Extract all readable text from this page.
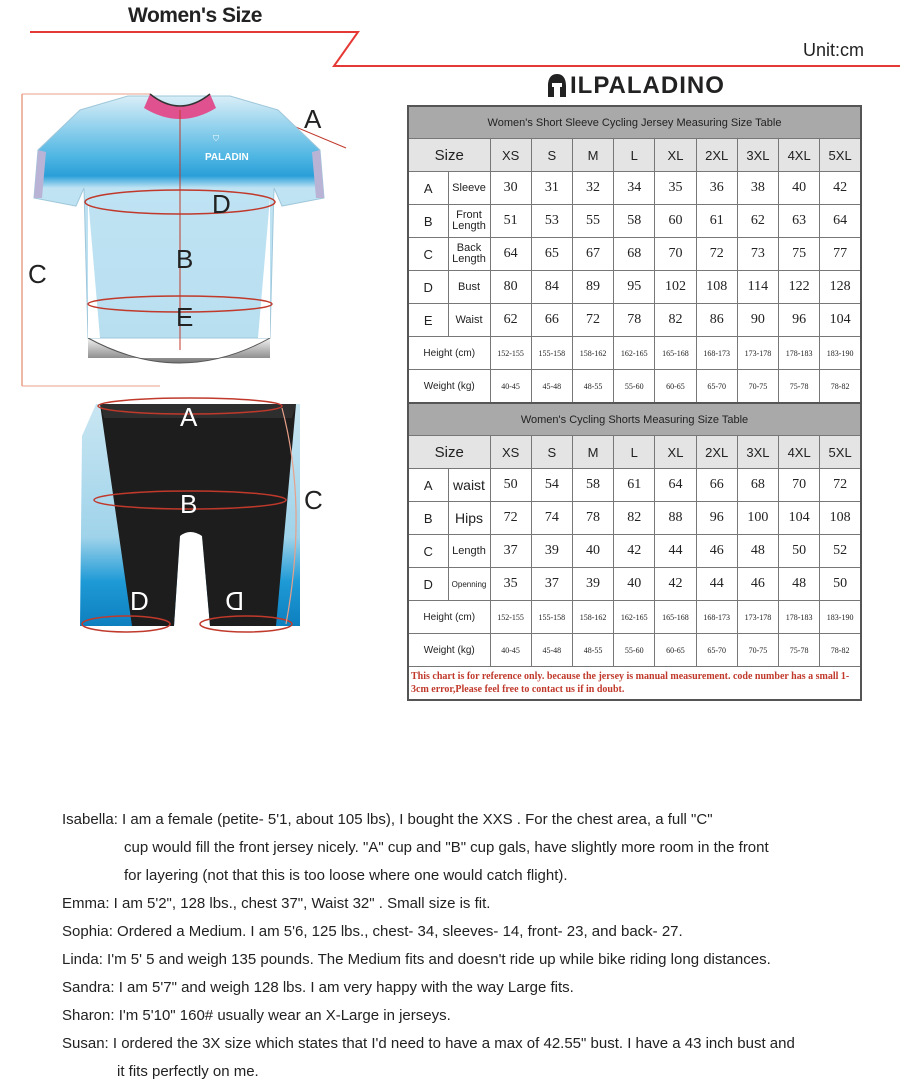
Women's Size
Unit:cm
ILPALADINO
⛉
PALADIN
A
D
B
C
E
A
B	C
D	D
Women's Short Sleeve Cycling Jersey Measuring Size Table										
Size		XS	S	M	L	XL	2XL	3XL	4XL	5XL
A	Sleeve	30	31	32	34	35	36	38	40	42
B	Front Length	51	53	55	58	60	61	62	63	64
C	Back Length	64	65	67	68	70	72	73	75	77
D	Bust	80	84	89	95	102	108	114	122	128
E	Waist	62	66	72	78	82	86	90	96	104
Height (cm)		152-155	155-158	158-162	162-165	165-168	168-173	173-178	178-183	183-190
Weight (kg)		40-45	45-48	48-55	55-60	60-65	65-70	70-75	75-78	78-82
Women's Cycling Shorts Measuring Size Table										
Size		XS	S	M	L	XL	2XL	3XL	4XL	5XL
A	waist	50	54	58	61	64	66	68	70	72
B	Hips	72	74	78	82	88	96	100	104	108
C	Length	37	39	40	42	44	46	48	50	52
D	Openning	35	37	39	40	42	44	46	48	50
Height (cm)		152-155	155-158	158-162	162-165	165-168	168-173	173-178	178-183	183-190
Weight (kg)		40-45	45-48	48-55	55-60	60-65	65-70	70-75	75-78	78-82
This chart is for reference only. because the jersey is manual measurement. code number has a small 1-3cm error,Please feel free to contact us if in doubt.										

Isabella: I am a female (petite- 5'1, about 105 lbs), I bought the XXS . For the chest area, a full "C"

cup would fill the front jersey nicely. "A" cup and "B" cup gals, have slightly more room in the front

for layering (not that this is too loose where one would catch flight).

Emma: I am 5'2", 128 lbs., chest 37", Waist 32" . Small size is fit.

Sophia: Ordered a Medium. I am 5'6, 125 lbs., chest- 34, sleeves- 14, front- 23, and back- 27.

Linda: I'm 5' 5 and weigh 135 pounds. The Medium fits and doesn't ride up while bike riding long distances.

Sandra: I am 5'7" and weigh 128 lbs. I am very happy with the way Large fits.

Sharon: I'm 5'10" 160# usually wear an X-Large in jerseys.

Susan: I ordered the 3X size which states that I'd need to have a max of 42.55" bust. I have a 43 inch bust and

it fits perfectly on me.
